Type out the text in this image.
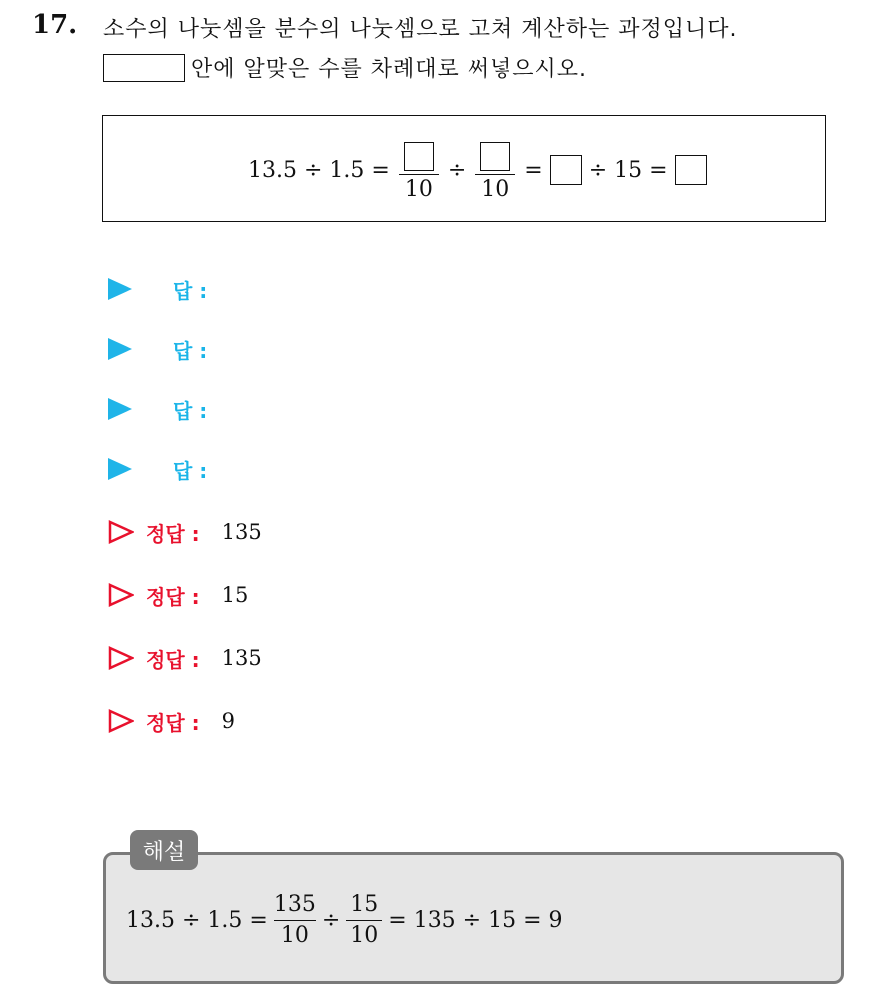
17. 소수의 나눗셈을 분수의 나눗셈으로 고쳐 계산하는 과정입니다.
안에 알맞은 수를 차례대로 써넣으시오.
13.5 ÷ 1.5 =
10
÷
10
= ÷ 15 =
답 :
답 :
답 :
답 :
정답 : 135
정답 : 15
정답 : 135
정답 : 9
해설
$13.5 \div 1.5 = \frac{135}{10} \div \frac{15}{10} = 135 \div 15 = 9$
